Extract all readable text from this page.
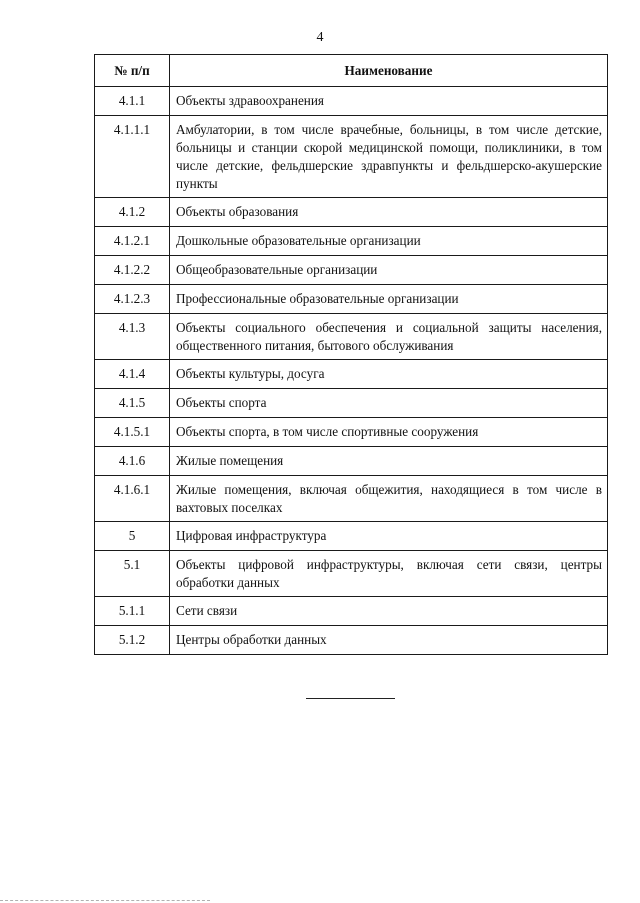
4
№ п/п	Наименование
4.1.1	Объекты здравоохранения
4.1.1.1	Амбулатории, в том числе врачебные, больницы, в том числе детские, больницы и станции скорой медицинской помощи, поликлиники, в том числе детские, фельдшерские здравпункты и фельдшерско-акушерские пункты
4.1.2	Объекты образования
4.1.2.1	Дошкольные образовательные организации
4.1.2.2	Общеобразовательные организации
4.1.2.3	Профессиональные образовательные организации
4.1.3	Объекты социального обеспечения и социальной защиты населения, общественного питания, бытового обслуживания
4.1.4	Объекты культуры, досуга
4.1.5	Объекты спорта
4.1.5.1	Объекты спорта, в том числе спортивные сооружения
4.1.6	Жилые помещения
4.1.6.1	Жилые помещения, включая общежития, находящиеся в том числе в вахтовых поселках
5	Цифровая инфраструктура
5.1	Объекты цифровой инфраструктуры, включая сети связи, центры обработки данных
5.1.1	Сети связи
5.1.2	Центры обработки данных
